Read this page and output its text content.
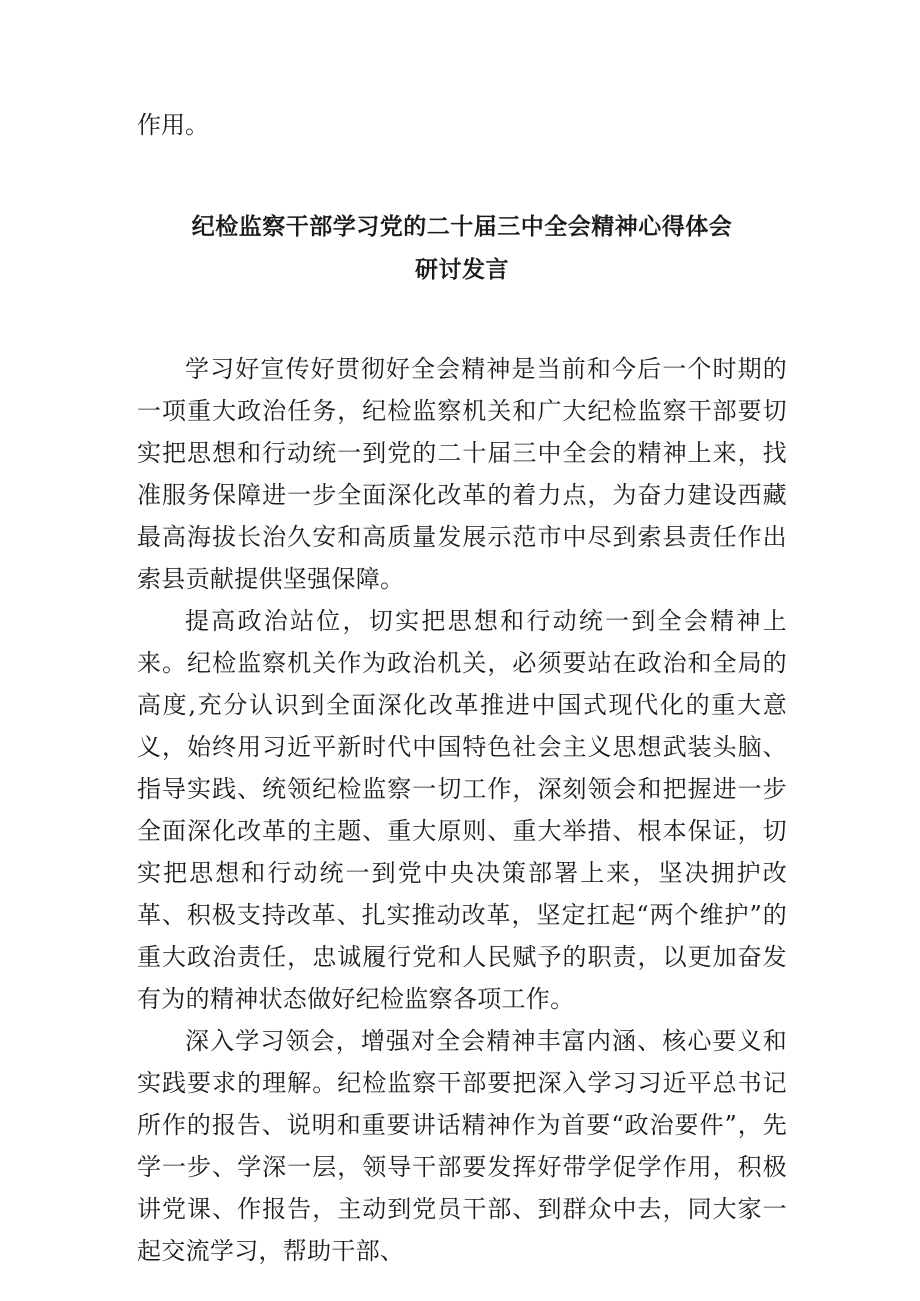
作用。

纪检监察干部学习党的二十届三中全会精神心得体会
研讨发言

学习好宣传好贯彻好全会精神是当前和今后一个时期的一项重大政治任务，纪检监察机关和广大纪检监察干部要切实把思想和行动统一到党的二十届三中全会的精神上来，找准服务保障进一步全面深化改革的着力点，为奋力建设西藏最高海拔长治久安和高质量发展示范市中尽到索县责任作出索县贡献提供坚强保障。

提高政治站位，切实把思想和行动统一到全会精神上来。纪检监察机关作为政治机关，必须要站在政治和全局的高度,充分认识到全面深化改革推进中国式现代化的重大意义，始终用习近平新时代中国特色社会主义思想武装头脑、指导实践、统领纪检监察一切工作，深刻领会和把握进一步全面深化改革的主题、重大原则、重大举措、根本保证，切实把思想和行动统一到党中央决策部署上来，坚决拥护改革、积极支持改革、扎实推动改革，坚定扛起“两个维护”的重大政治责任，忠诚履行党和人民赋予的职责，以更加奋发有为的精神状态做好纪检监察各项工作。

深入学习领会，增强对全会精神丰富内涵、核心要义和实践要求的理解。纪检监察干部要把深入学习习近平总书记所作的报告、说明和重要讲话精神作为首要“政治要件”，先学一步、学深一层，领导干部要发挥好带学促学作用，积极讲党课、作报告，主动到党员干部、到群众中去，同大家一起交流学习，帮助干部、
